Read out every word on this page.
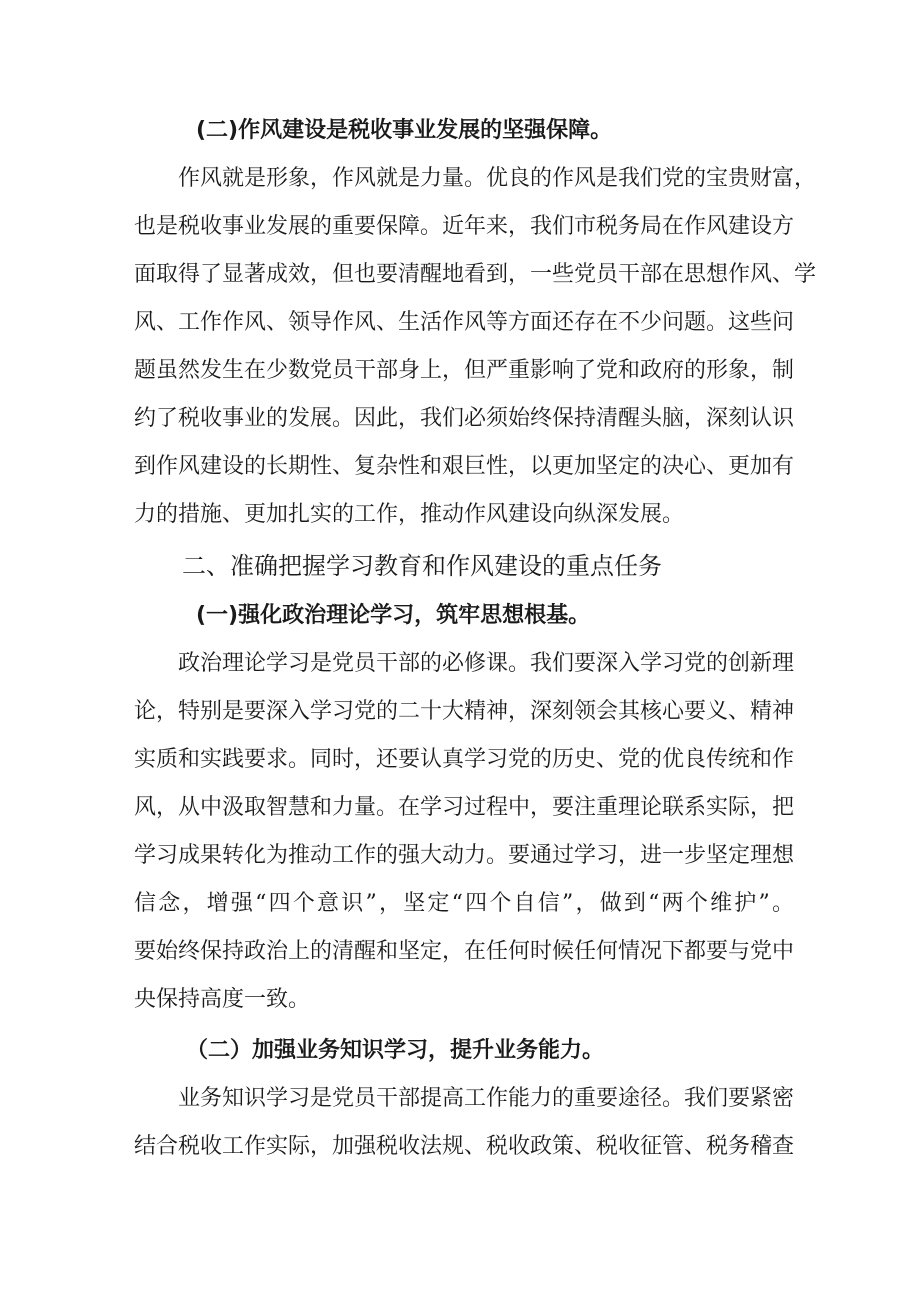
(二)作风建设是税收事业发展的坚强保障。
作风就是形象，作风就是力量。优良的作风是我们党的宝贵财富，
也是税收事业发展的重要保障。近年来，我们市税务局在作风建设方
面取得了显著成效，但也要清醒地看到，一些党员干部在思想作风、学
风、工作作风、领导作风、生活作风等方面还存在不少问题。这些问
题虽然发生在少数党员干部身上，但严重影响了党和政府的形象，制
约了税收事业的发展。因此，我们必须始终保持清醒头脑，深刻认识
到作风建设的长期性、复杂性和艰巨性，以更加坚定的决心、更加有
力的措施、更加扎实的工作，推动作风建设向纵深发展。
二、准确把握学习教育和作风建设的重点任务
(一)强化政治理论学习，筑牢思想根基。
政治理论学习是党员干部的必修课。我们要深入学习党的创新理
论，特别是要深入学习党的二十大精神，深刻领会其核心要义、精神
实质和实践要求。同时，还要认真学习党的历史、党的优良传统和作
风，从中汲取智慧和力量。在学习过程中，要注重理论联系实际，把
学习成果转化为推动工作的强大动力。要通过学习，进一步坚定理想
信念，增强“四个意识”，坚定“四个自信”，做到“两个维护”。
要始终保持政治上的清醒和坚定，在任何时候任何情况下都要与党中
央保持高度一致。
（二）加强业务知识学习，提升业务能力。
业务知识学习是党员干部提高工作能力的重要途径。我们要紧密
结合税收工作实际，加强税收法规、税收政策、税收征管、税务稽查
